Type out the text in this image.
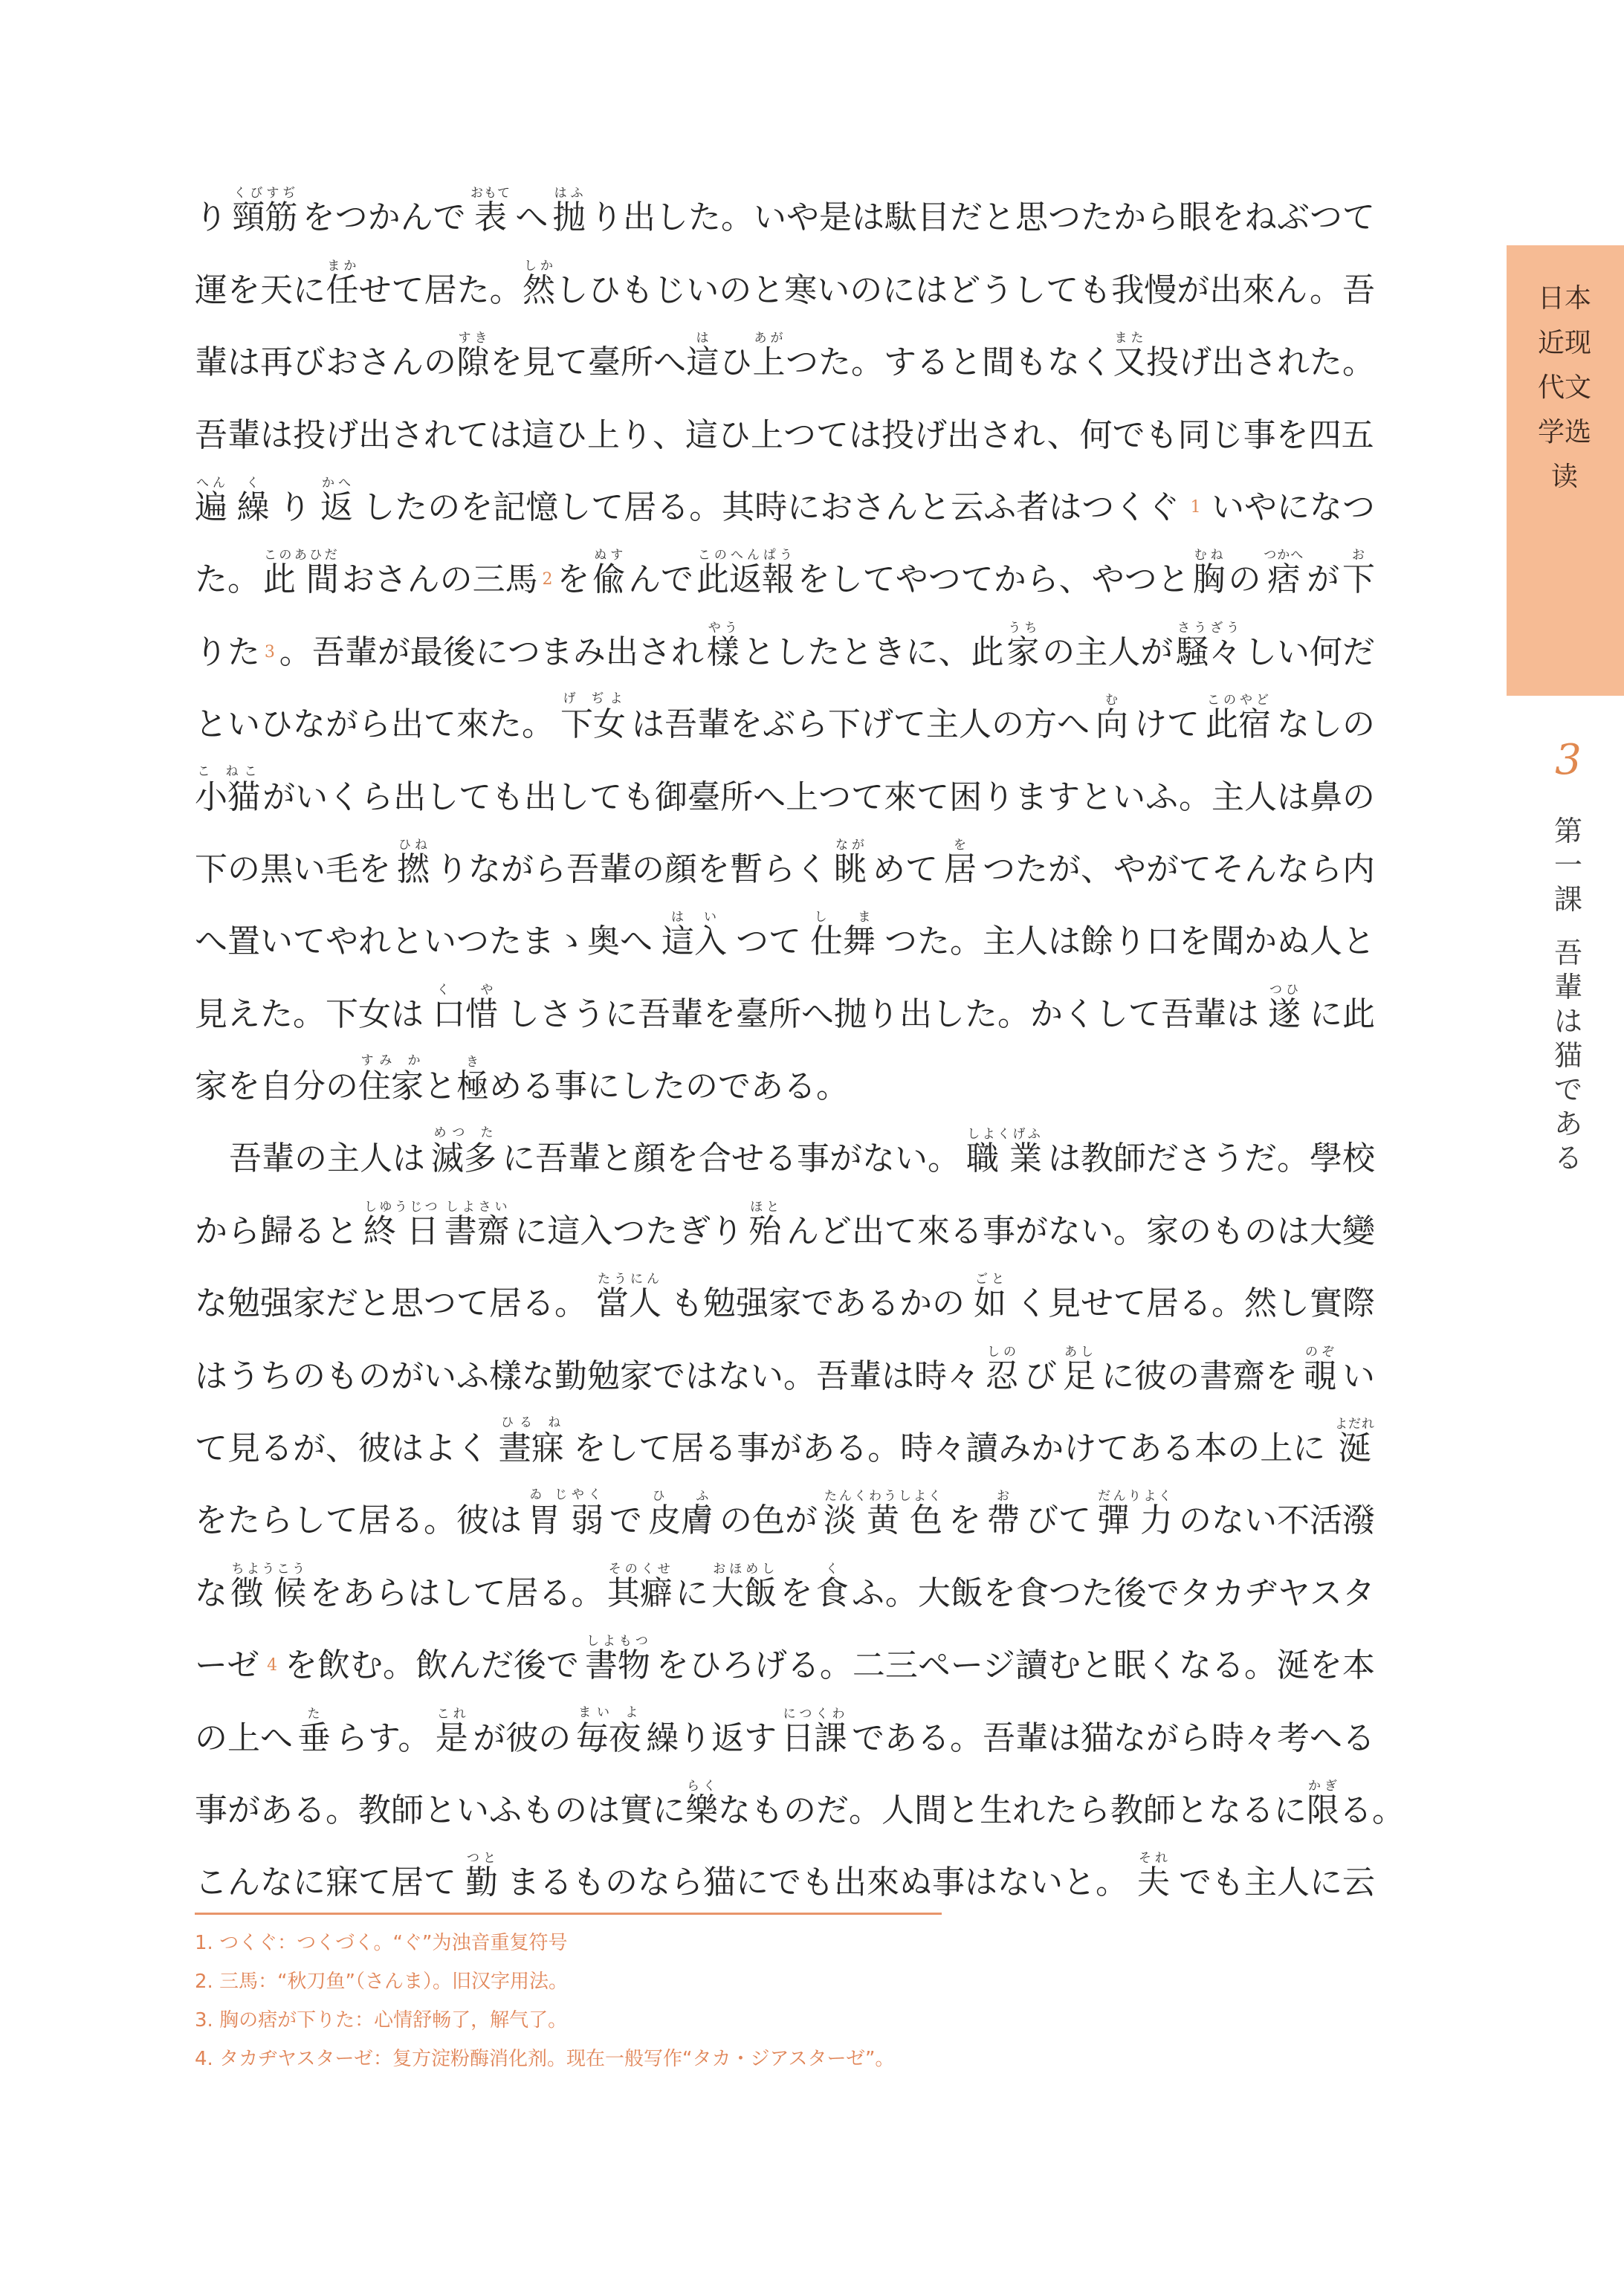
日本近现代文学选读
3
第一課
吾輩は猫である
り 頸筋くびすぢ
をつかんで 表おもて
へ 抛はふ
り出した。いや是は駄目だと思つたから眼をねぶつて
運を天に 任まか
せて居た。 然しか
しひもじいのと寒いのにはどうしても我慢が出來ん。吾
輩は再びおさんの 隙すき
を見て臺所へ 這は
ひ 上あが
つた。すると間もなく 又また
投げ出された。
吾輩は投げ出されては這ひ上り、這ひ上つては投げ出され、何でも同じ事を四五
遍へん
繰く
り 返かへ
したのを記憶して居る。其時におさんと云ふ者はつくぐ 1 いやになつ
た。 此 間このあひだ
おさんの三馬 2 を 偸ぬす
んで 此返報このへんぱう
をしてやつてから、やつと 胸むね
の 痞つかへ
が 下お
りた 3 。吾輩が最後につまみ出され 樣やう
としたときに、此 家うち
の主人が 騒々さうざう
しい何だ
といひながら出て來た。 下女げ ぢよ
は吾輩をぶら下げて主人の方へ 向む
けて 此宿このやど
なしの
小猫こ ねこ
がいくら出しても出しても御臺所へ上つて來て困りますといふ。主人は鼻の
下の黒い毛を 撚ひね
りながら吾輩の顔を暫らく 眺なが
めて 居を
つたが、やがてそんなら内
へ置いてやれといつたまゝ奥へ 這入はい
つて 仕舞し　ま
つた。主人は餘り口を聞かぬ人と
見えた。下女は 口惜く　や
しさうに吾輩を臺所へ抛り出した。かくして吾輩は 遂つひ
に此
家を自分の 住家すみ か
と 極き
める事にしたのである。
吾輩の主人は 滅多めつ た
に吾輩と顔を合せる事がない。 職 業しよくげふ
は教師ださうだ。學校
から歸ると 終 日しゆうじつ
書齋しよさい
に這入つたぎり 殆ほと
んど出て來る事がない。家のものは大變
な勉强家だと思つて居る。 當人たうにん
も勉强家であるかの 如ごと
く見せて居る。然し實際
はうちのものがいふ樣な勤勉家ではない。吾輩は時々 忍しの
び 足あし
に彼の書齋を 覗のぞ
い
て見るが、彼はよく 晝寐ひる ね
をして居る事がある。時々讀みかけてある本の上に 涎よだれ
をたらして居る。彼は 胃 弱ゐ じやく
で 皮膚ひ　ふ
の色が 淡 黄 色たんくわうしよく
を 帶お
びて 彈 力だんりよく
のない不活潑
な 徴 候ちようこう
をあらはして居る。 其癖そのくせ
に 大飯おほめし
を 食く
ふ。大飯を食つた後でタカヂヤスタ
ーゼ 4 を飲む。飲んだ後で 書物しよもつ
をひろげる。二三ページ讀むと眠くなる。涎を本
の上へ 垂た
らす。 是これ
が彼の 毎夜まい よ
繰り返す 日課につくわ
である。吾輩は猫ながら時々考へる
事がある。教師といふものは實に 樂らく
なものだ。人間と生れたら教師となるに 限かぎ
る。
こんなに寐て居て 勤つと
まるものなら猫にでも出來ぬ事はないと。 夫それ
でも主人に云
1. つくぐ：つくづく。“ぐ”为浊音重复符号
2. 三馬：“秋刀鱼”（さんま）。旧汉字用法。
3. 胸の痞が下りた：心情舒畅了，解气了。
4. タカヂヤスターゼ：复方淀粉酶消化剂。现在一般写作“タカ・ジアスターゼ”。
